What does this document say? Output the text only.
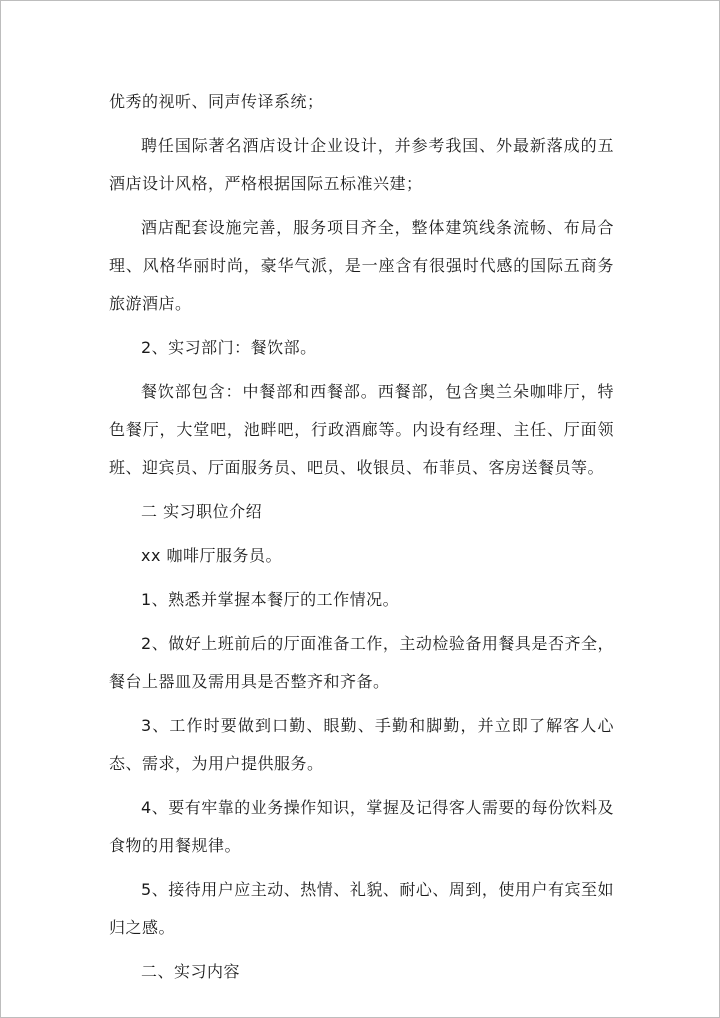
优秀的视听、同声传译系统；

聘任国际著名酒店设计企业设计，并参考我国、外最新落成的五酒店设计风格，严格根据国际五标准兴建；

酒店配套设施完善，服务项目齐全，整体建筑线条流畅、布局合理、风格华丽时尚，豪华气派，是一座含有很强时代感的国际五商务旅游酒店。

2、实习部门：餐饮部。

餐饮部包含：中餐部和西餐部。西餐部，包含奥兰朵咖啡厅，特色餐厅，大堂吧，池畔吧，行政酒廊等。内设有经理、主任、厅面领班、迎宾员、厅面服务员、吧员、收银员、布菲员、客房送餐员等。

二 实习职位介绍

xx 咖啡厅服务员。

1、熟悉并掌握本餐厅的工作情况。

2、做好上班前后的厅面准备工作，主动检验备用餐具是否齐全，餐台上器皿及需用具是否整齐和齐备。

3、工作时要做到口勤、眼勤、手勤和脚勤，并立即了解客人心态、需求，为用户提供服务。

4、要有牢靠的业务操作知识，掌握及记得客人需要的每份饮料及食物的用餐规律。

5、接待用户应主动、热情、礼貌、耐心、周到，使用户有宾至如归之感。

二、实习内容
